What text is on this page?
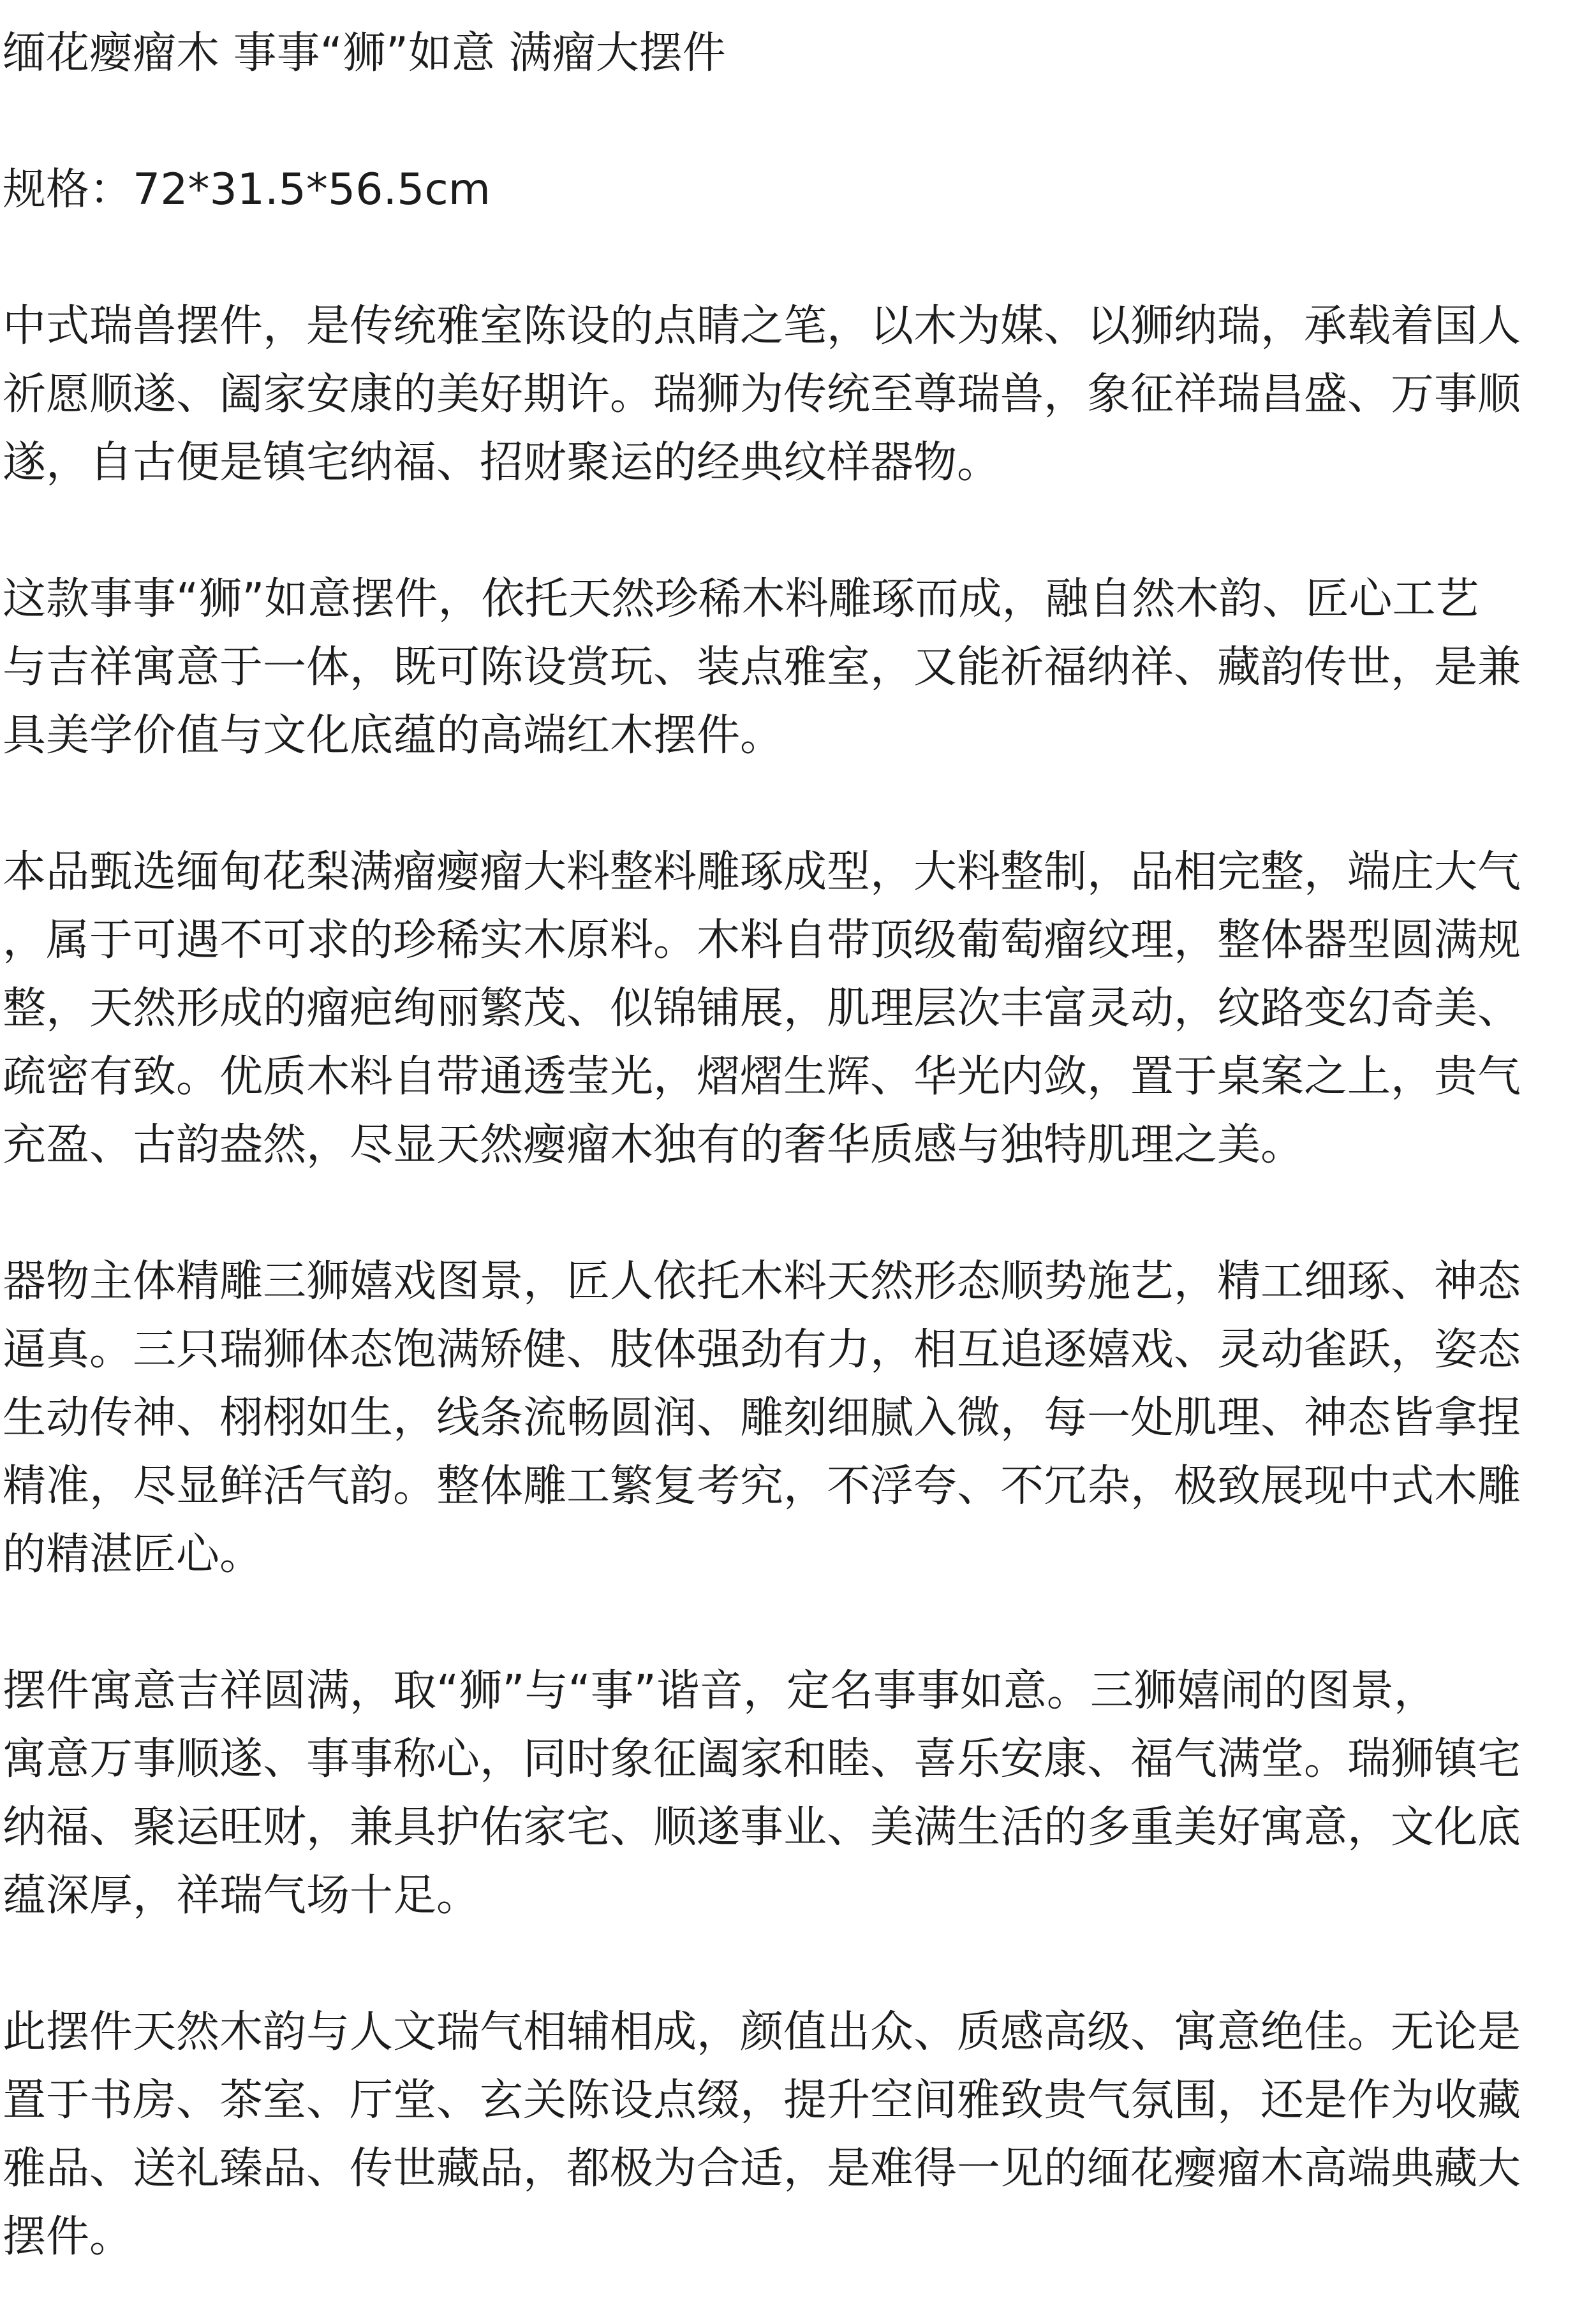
缅花瘿瘤木 事事“狮”如意 满瘤大摆件
规格：72*31.5*56.5cm
中式瑞兽摆件，是传统雅室陈设的点睛之笔，以木为媒、以狮纳瑞，承载着国人
祈愿顺遂、阖家安康的美好期许。瑞狮为传统至尊瑞兽，象征祥瑞昌盛、万事顺
遂，自古便是镇宅纳福、招财聚运的经典纹样器物。
这款事事“狮”如意摆件，依托天然珍稀木料雕琢而成，融自然木韵、匠心工艺
与吉祥寓意于一体，既可陈设赏玩、装点雅室，又能祈福纳祥、藏韵传世，是兼
具美学价值与文化底蕴的高端红木摆件。
本品甄选缅甸花梨满瘤瘿瘤大料整料雕琢成型，大料整制，品相完整，端庄大气
，属于可遇不可求的珍稀实木原料。木料自带顶级葡萄瘤纹理，整体器型圆满规
整，天然形成的瘤疤绚丽繁茂、似锦铺展，肌理层次丰富灵动，纹路变幻奇美、
疏密有致。优质木料自带通透莹光，熠熠生辉、华光内敛，置于桌案之上，贵气
充盈、古韵盎然，尽显天然瘿瘤木独有的奢华质感与独特肌理之美。
器物主体精雕三狮嬉戏图景，匠人依托木料天然形态顺势施艺，精工细琢、神态
逼真。三只瑞狮体态饱满矫健、肢体强劲有力，相互追逐嬉戏、灵动雀跃，姿态
生动传神、栩栩如生，线条流畅圆润、雕刻细腻入微，每一处肌理、神态皆拿捏
精准，尽显鲜活气韵。整体雕工繁复考究，不浮夸、不冗杂，极致展现中式木雕
的精湛匠心。
摆件寓意吉祥圆满，取“狮”与“事”谐音，定名事事如意。三狮嬉闹的图景，
寓意万事顺遂、事事称心，同时象征阖家和睦、喜乐安康、福气满堂。瑞狮镇宅
纳福、聚运旺财，兼具护佑家宅、顺遂事业、美满生活的多重美好寓意，文化底
蕴深厚，祥瑞气场十足。
此摆件天然木韵与人文瑞气相辅相成，颜值出众、质感高级、寓意绝佳。无论是
置于书房、茶室、厅堂、玄关陈设点缀，提升空间雅致贵气氛围，还是作为收藏
雅品、送礼臻品、传世藏品，都极为合适，是难得一见的缅花瘿瘤木高端典藏大
摆件。
